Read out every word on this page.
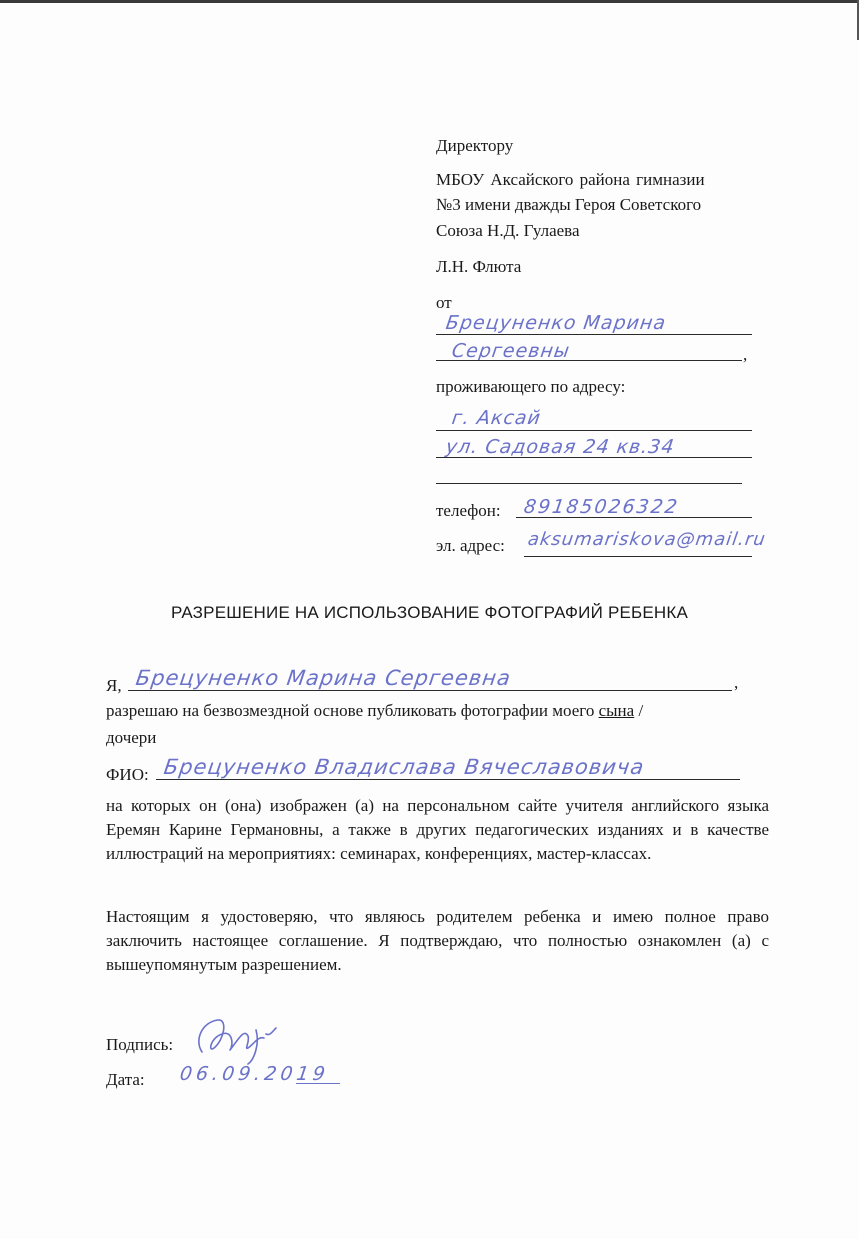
Директору
МБОУ Аксайского района гимназии
№3 имени дважды Героя Советского
Союза Н.Д. Гулаева
Л.Н. Флюта
от
Брецуненко Марина
Сергеевны	,
проживающего по адресу:
г. Аксай
ул. Садовая 24 кв.34
телефон: 89185026322
эл. адрес: aksumariskova@mail.ru
РАЗРЕШЕНИЕ НА ИСПОЛЬЗОВАНИЕ ФОТОГРАФИЙ РЕБЕНКА
Я, Брецуненко Марина Сергеевна	,
разрешаю на безвозмездной основе публиковать фотографии моего сына /
дочери
ФИО: Брецуненко Владислава Вячеславовича
на которых он (она) изображен (а) на персональном сайте учителя английского языка Еремян Карине Германовны, а также в других педагогических изданиях и в качестве иллюстраций на мероприятиях: семинарах, конференциях, мастер-классах.
Настоящим я удостоверяю, что являюсь родителем ребенка и имею полное право заключить настоящее соглашение. Я подтверждаю, что полностью ознакомлен (а) с вышеупомянутым разрешением.
Подпись:
Дата: 06.09.2019
